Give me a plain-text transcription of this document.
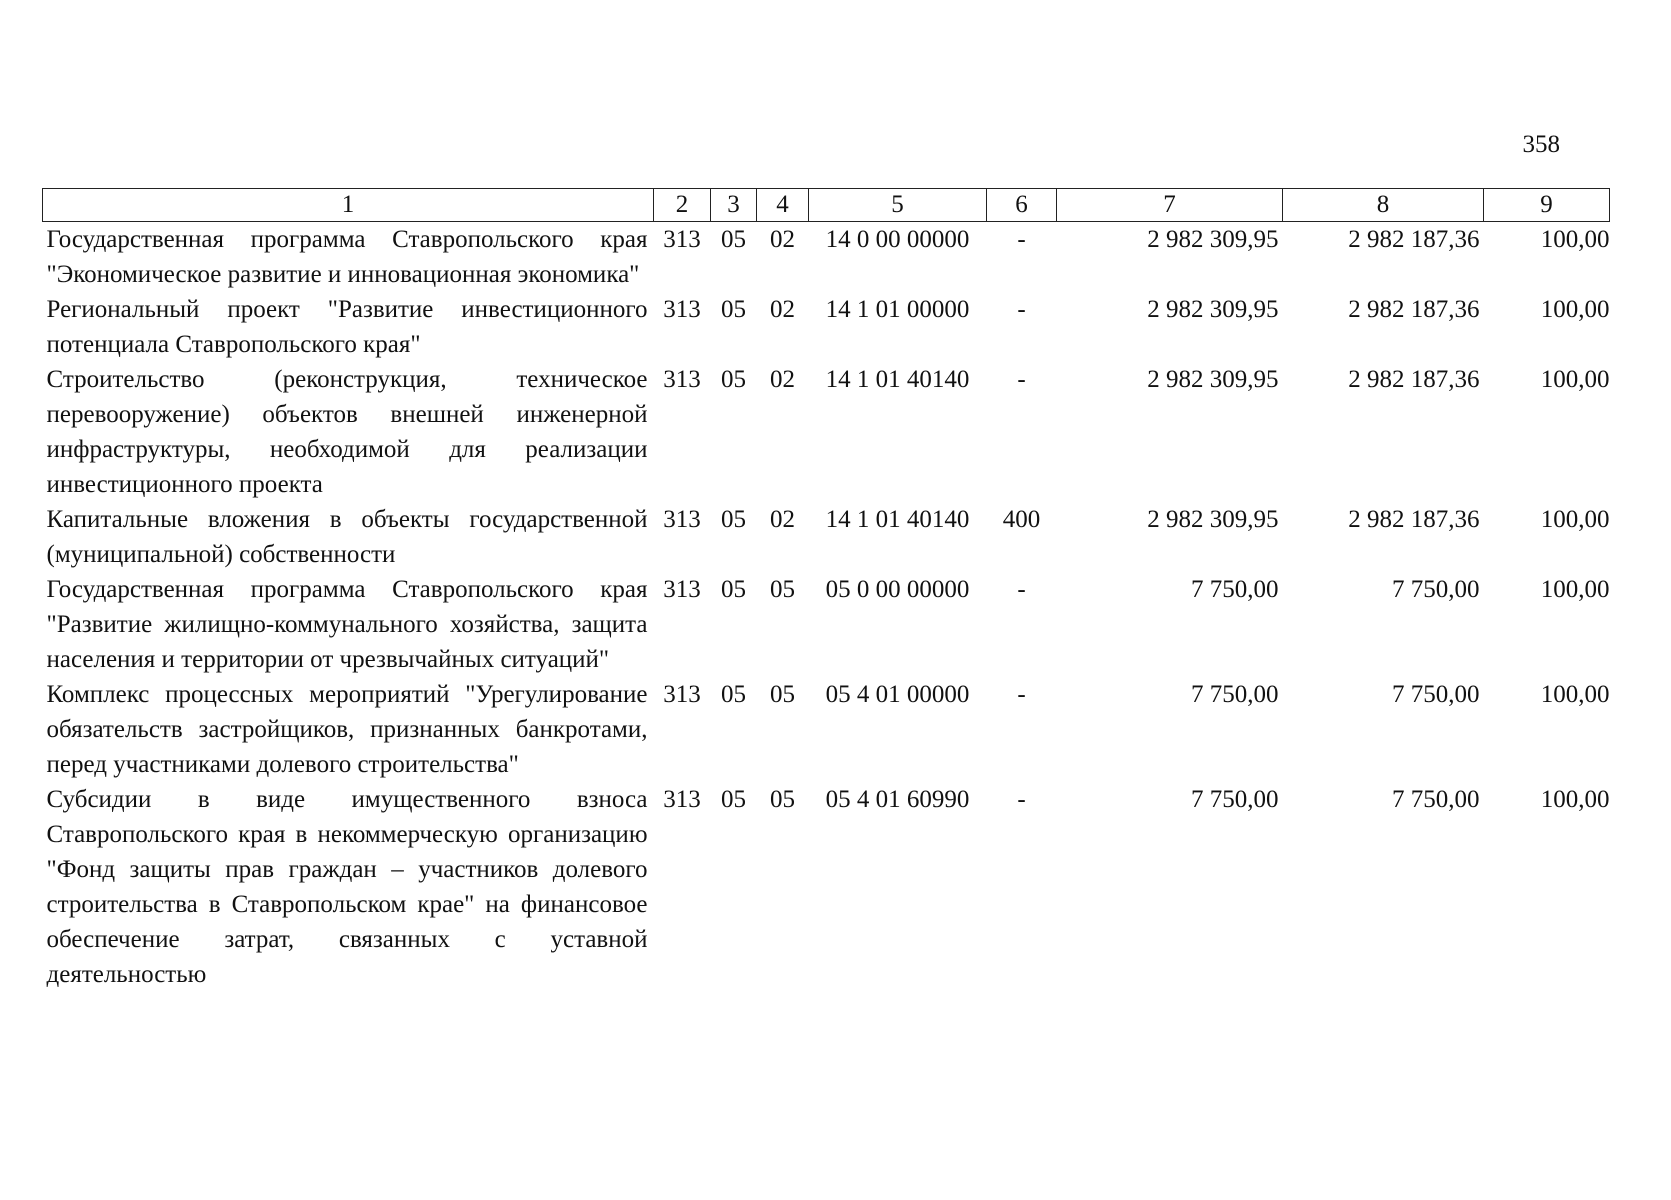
358
1	2	3	4	5	6	7	8	9
Государственная программа Ставропольского края "Экономическое развитие и инновационная экономика"	313	05	02	14 0 00 00000	-	2 982 309,95	2 982 187,36	100,00
Региональный проект "Развитие инвестиционного потенциала Ставропольского края"	313	05	02	14 1 01 00000	-	2 982 309,95	2 982 187,36	100,00
Строительство (реконструкция, техническое перевооружение) объектов внешней инженерной инфраструктуры, необходимой для реализации инвестиционного проекта	313	05	02	14 1 01 40140	-	2 982 309,95	2 982 187,36	100,00
Капитальные вложения в объекты государственной (муниципальной) собственности	313	05	02	14 1 01 40140	400	2 982 309,95	2 982 187,36	100,00
Государственная программа Ставропольского края "Развитие жилищно-коммунального хозяйства, защита населения и территории от чрезвычайных ситуаций"	313	05	05	05 0 00 00000	-	7 750,00	7 750,00	100,00
Комплекс процессных мероприятий "Урегулирование обязательств застройщиков, признанных банкротами, перед участниками долевого строительства"	313	05	05	05 4 01 00000	-	7 750,00	7 750,00	100,00
Субсидии в виде имущественного взноса Ставропольского края в некоммерческую организацию "Фонд защиты прав граждан – участников долевого строительства в Ставропольском крае" на финансовое обеспечение затрат, связанных с уставной деятельностью	313	05	05	05 4 01 60990	-	7 750,00	7 750,00	100,00
